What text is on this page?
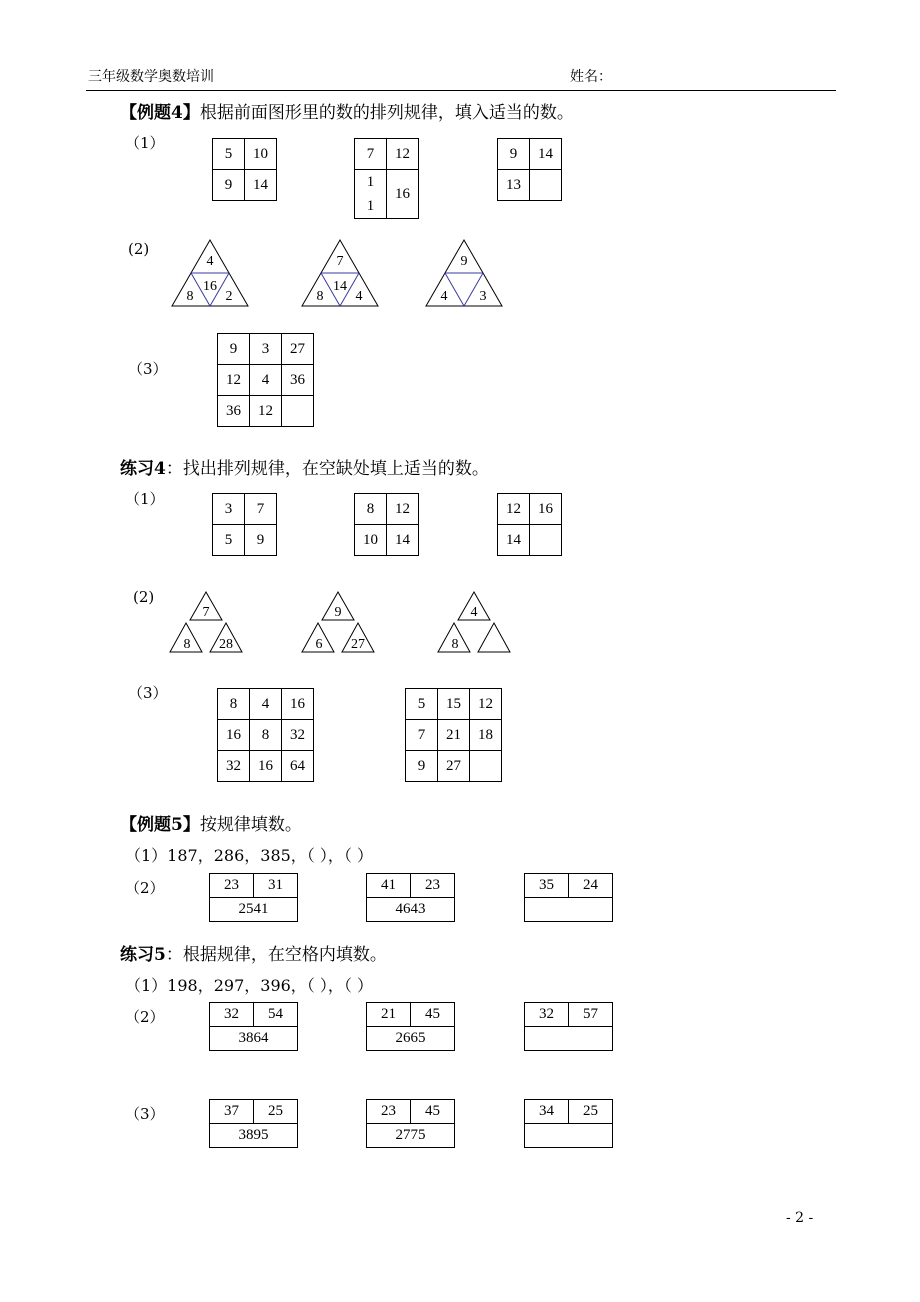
三年级数学奥数培训	姓名：
【例题4】根据前面图形里的数的排列规律，填入适当的数。
（1）
5	10
9	14
7	12

1
1	16
9	14
13	
(2)
4
8
16
2
7
8
14
4
9
4 3
（3）
9	3	27
12	4	36
36	12	
练习4：找出排列规律，在空缺处填上适当的数。
（1）
3	7
5	9
8	12
10	14
12	16
14	
(2)
7
8 28
9
6 27
4
8
（3）
8	4	16
16	8	32
32	16	64
5	15	12
7	21	18
9	27	
【例题5】按规律填数。
（1）187，286，385，（ ），（ ）
（2）	23	31
2541
41	23
4643
35	24

练习5：根据规律，在空格内填数。
（1）198，297，396，（ ），（ ）
（2）	32	54
3864
21	45
2665
32	57

（3）	37	25
3895
23	45
2775
34	25

- 2 -
